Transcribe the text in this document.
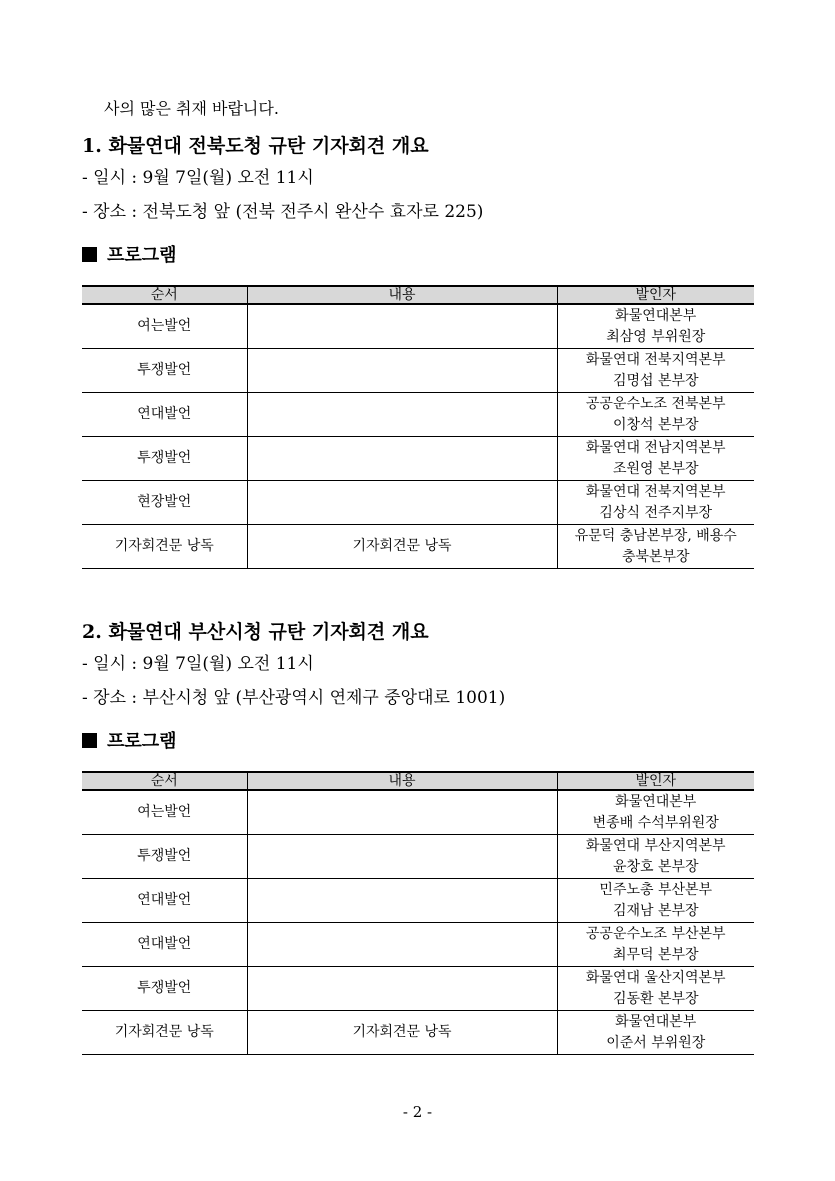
사의 많은 취재 바랍니다.
1. 화물연대 전북도청 규탄 기자회견 개요
- 일시 : 9월 7일(월) 오전 11시
- 장소 : 전북도청 앞 (전북 전주시 완산수 효자로 225)
프로그램
순서	내용	발인자
여는발언		화물연대본부
최삼영 부위원장

투쟁발언		화물연대 전북지역본부
김명섭 본부장

연대발언		공공운수노조 전북본부
이창석 본부장

투쟁발언		화물연대 전남지역본부
조원영 본부장

현장발언		화물연대 전북지역본부
김상식 전주지부장

기자회견문 낭독	기자회견문 낭독	유문덕 충남본부장, 배용수
충북본부장
2. 화물연대 부산시청 규탄 기자회견 개요
- 일시 : 9월 7일(월) 오전 11시
- 장소 : 부산시청 앞 (부산광역시 연제구 중앙대로 1001)
프로그램
순서	내용	발인자
여는발언		화물연대본부
변종배 수석부위원장

투쟁발언		화물연대 부산지역본부
윤창호 본부장

연대발언		민주노총 부산본부
김재남 본부장

연대발언		공공운수노조 부산본부
최무덕 본부장

투쟁발언		화물연대 울산지역본부
김동환 본부장

기자회견문 낭독	기자회견문 낭독	화물연대본부
이준서 부위원장
- 2 -
